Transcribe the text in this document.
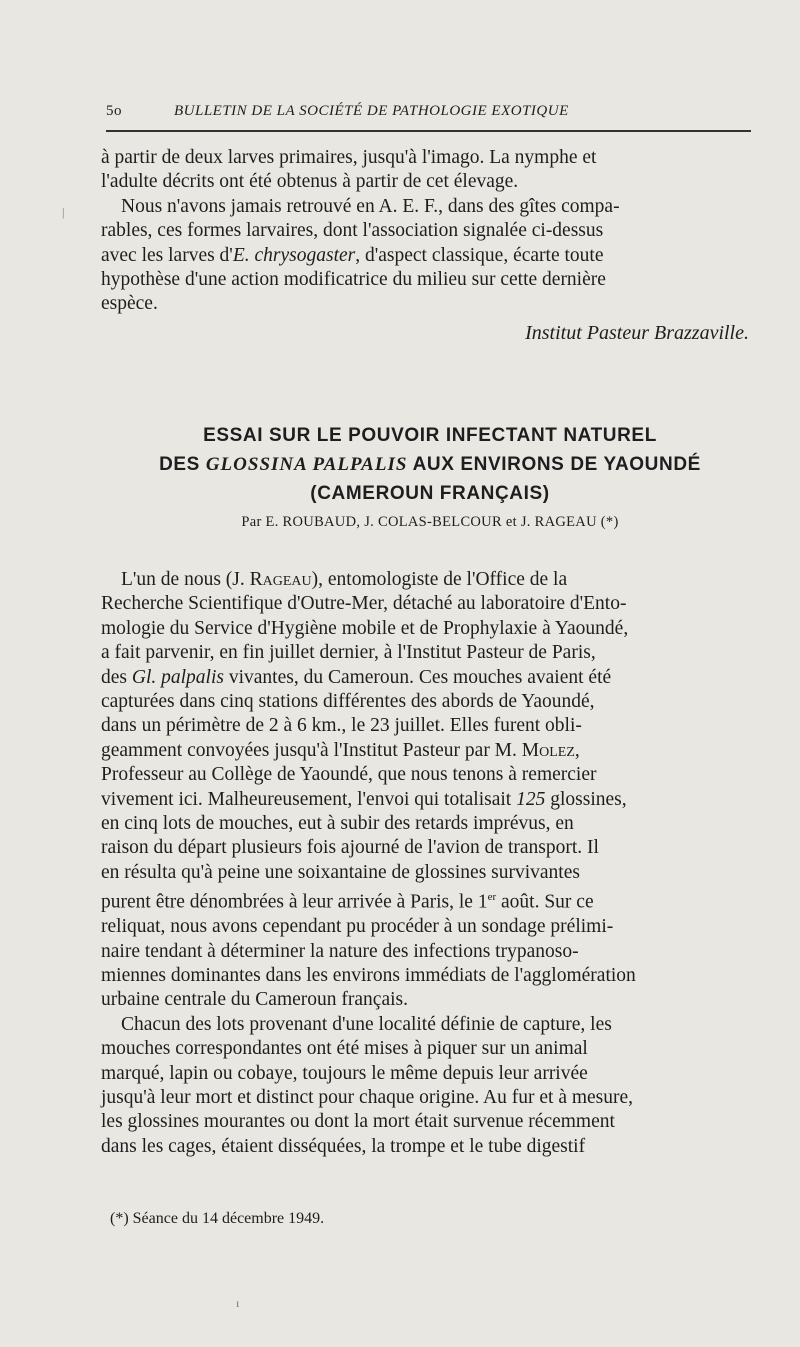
5o	BULLETIN DE LA SOCIÉTÉ DE PATHOLOGIE EXOTIQUE

à partir de deux larves primaires, jusqu'à l'imago. La nymphe et

l'adulte décrits ont été obtenus à partir de cet élevage.

Nous n'avons jamais retrouvé en A. E. F., dans des gîtes compa-

rables, ces formes larvaires, dont l'association signalée ci-dessus

avec les larves d'E. chrysogaster, d'aspect classique, écarte toute

hypothèse d'une action modificatrice du milieu sur cette dernière

espèce.

Institut Pasteur Brazzaville.
ESSAI SUR LE POUVOIR INFECTANT NATUREL
DES GLOSSINA PALPALIS AUX ENVIRONS DE YAOUNDÉ
(CAMEROUN FRANÇAIS)
Par E. ROUBAUD, J. COLAS-BELCOUR et J. RAGEAU (*)

L'un de nous (J. Rageau), entomologiste de l'Office de la

Recherche Scientifique d'Outre-Mer, détaché au laboratoire d'Ento-

mologie du Service d'Hygiène mobile et de Prophylaxie à Yaoundé,

a fait parvenir, en fin juillet dernier, à l'Institut Pasteur de Paris,

des Gl. palpalis vivantes, du Cameroun. Ces mouches avaient été

capturées dans cinq stations différentes des abords de Yaoundé,

dans un périmètre de 2 à 6 km., le 23 juillet. Elles furent obli-

geamment convoyées jusqu'à l'Institut Pasteur par M. Molez,

Professeur au Collège de Yaoundé, que nous tenons à remercier

vivement ici. Malheureusement, l'envoi qui totalisait 125 glossines,

en cinq lots de mouches, eut à subir des retards imprévus, en

raison du départ plusieurs fois ajourné de l'avion de transport. Il

en résulta qu'à peine une soixantaine de glossines survivantes

purent être dénombrées à leur arrivée à Paris, le 1er août. Sur ce

reliquat, nous avons cependant pu procéder à un sondage prélimi-

naire tendant à déterminer la nature des infections trypanoso-

miennes dominantes dans les environs immédiats de l'agglomération

urbaine centrale du Cameroun français.

Chacun des lots provenant d'une localité définie de capture, les

mouches correspondantes ont été mises à piquer sur un animal

marqué, lapin ou cobaye, toujours le même depuis leur arrivée

jusqu'à leur mort et distinct pour chaque origine. Au fur et à mesure,

les glossines mourantes ou dont la mort était survenue récemment

dans les cages, étaient disséquées, la trompe et le tube digestif

(*) Séance du 14 décembre 1949.
ı
|
